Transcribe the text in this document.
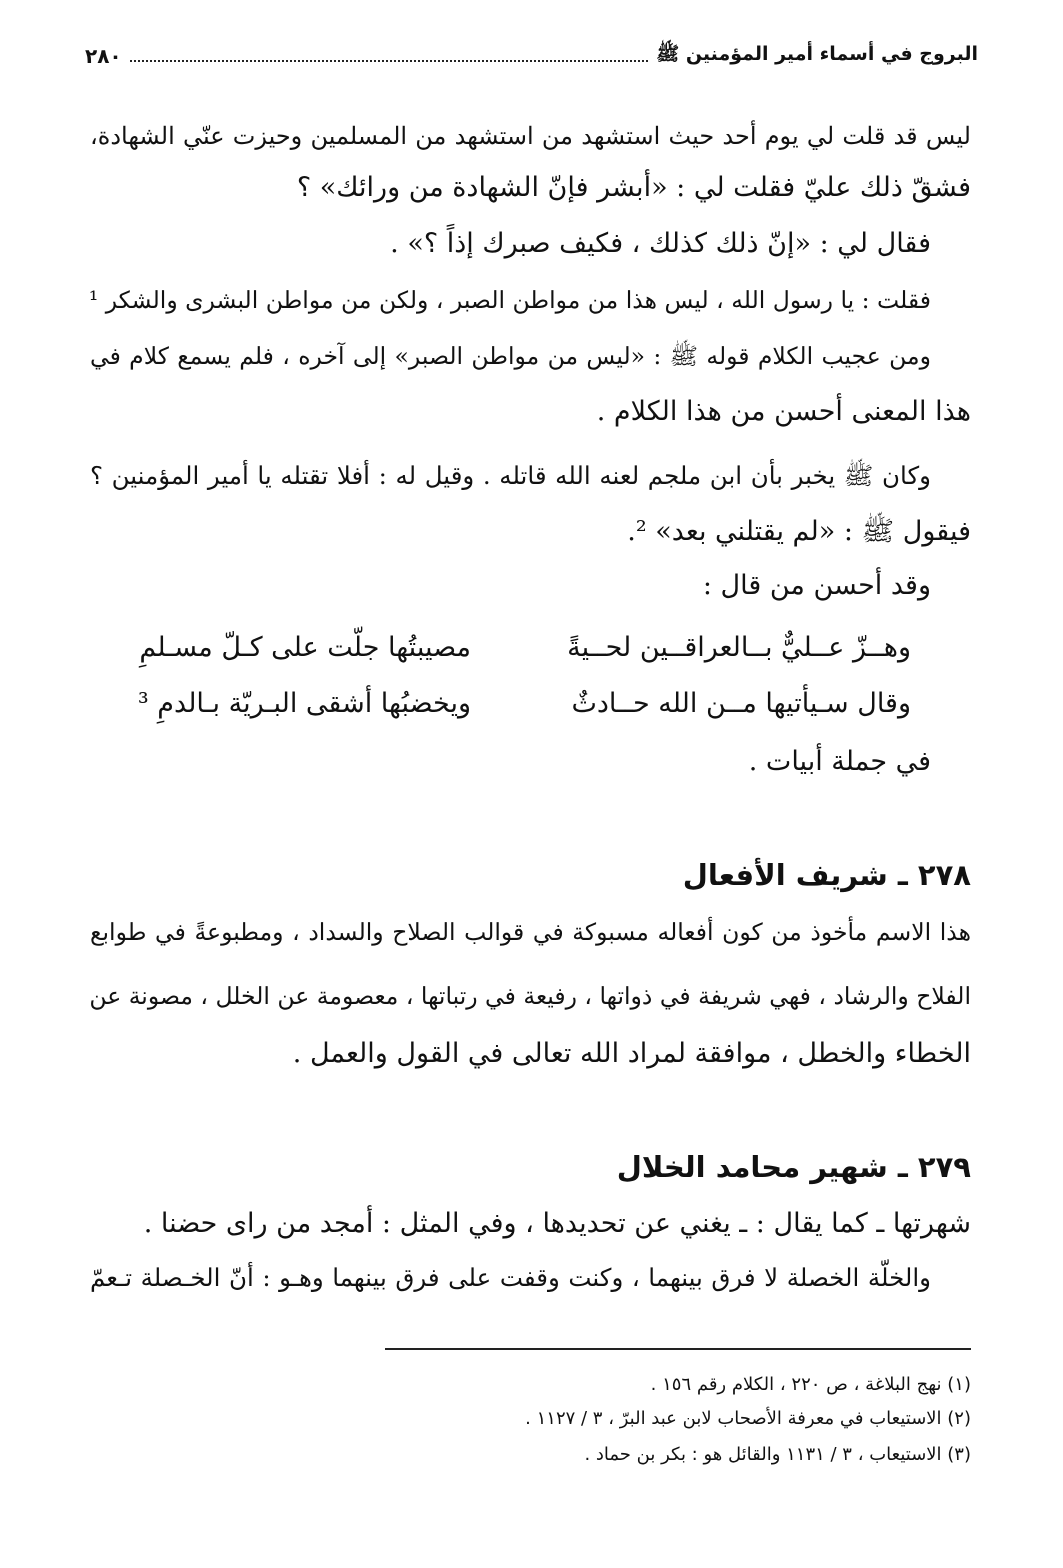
البروج في أسماء أمير المؤمنين ﷺ
٢٨٠
ليس قد قلت لي يوم أحد حيث استشهد من استشهد من المسلمين وحيزت عنّي الشهادة،
فشقّ ذلك عليّ فقلت لي : «أبشر فإنّ الشهادة من ورائك» ؟
فقال لي : «إنّ ذلك كذلك ، فكيف صبرك إذاً ؟» .
فقلت : يا رسول الله ، ليس هذا من مواطن الصبر ، ولكن من مواطن البشرى والشكر ¹
ومن عجيب الكلام قوله ﷺ : «ليس من مواطن الصبر» إلى آخره ، فلم يسمع كلام في
هذا المعنى أحسن من هذا الكلام .
وكان ﷺ يخبر بأن ابن ملجم لعنه الله قاتله . وقيل له : أفلا تقتله يا أمير المؤمنين ؟
فيقول ﷺ : «لم يقتلني بعد» ².
وقد أحسن من قال :
وهــزّ عــليٌّ بــالعراقــين لحــيةً
مصيبتُها جلّت على كـلّ مسـلمِ
وقال سـيأتيها مــن الله حــادثٌ
ويخضبُها أشقى البـريّة بـالدمِ ³
في جملة أبيات .
٢٧٨ ـ شريف الأفعال
هذا الاسم مأخوذ من كون أفعاله مسبوكة في قوالب الصلاح والسداد ، ومطبوعةً في طوابع
الفلاح والرشاد ، فهي شريفة في ذواتها ، رفيعة في رتباتها ، معصومة عن الخلل ، مصونة عن
الخطاء والخطل ، موافقة لمراد الله تعالى في القول والعمل .
٢٧٩ ـ شهير محامد الخلال
شهرتها ـ كما يقال : ـ يغني عن تحديدها ، وفي المثل : أمجد من راى حضنا .
والخلّة الخصلة لا فرق بينهما ، وكنت وقفت على فرق بينهما وهـو : أنّ الخـصلة تـعمّ
(١) نهج البلاغة ، ص ٢٢٠ ، الكلام رقم ١٥٦ .
(٢) الاستيعاب في معرفة الأصحاب لابن عبد البرّ ، ٣ / ١١٢٧ .
(٣) الاستيعاب ، ٣ / ١١٣١ والقائل هو : بكر بن حماد .
